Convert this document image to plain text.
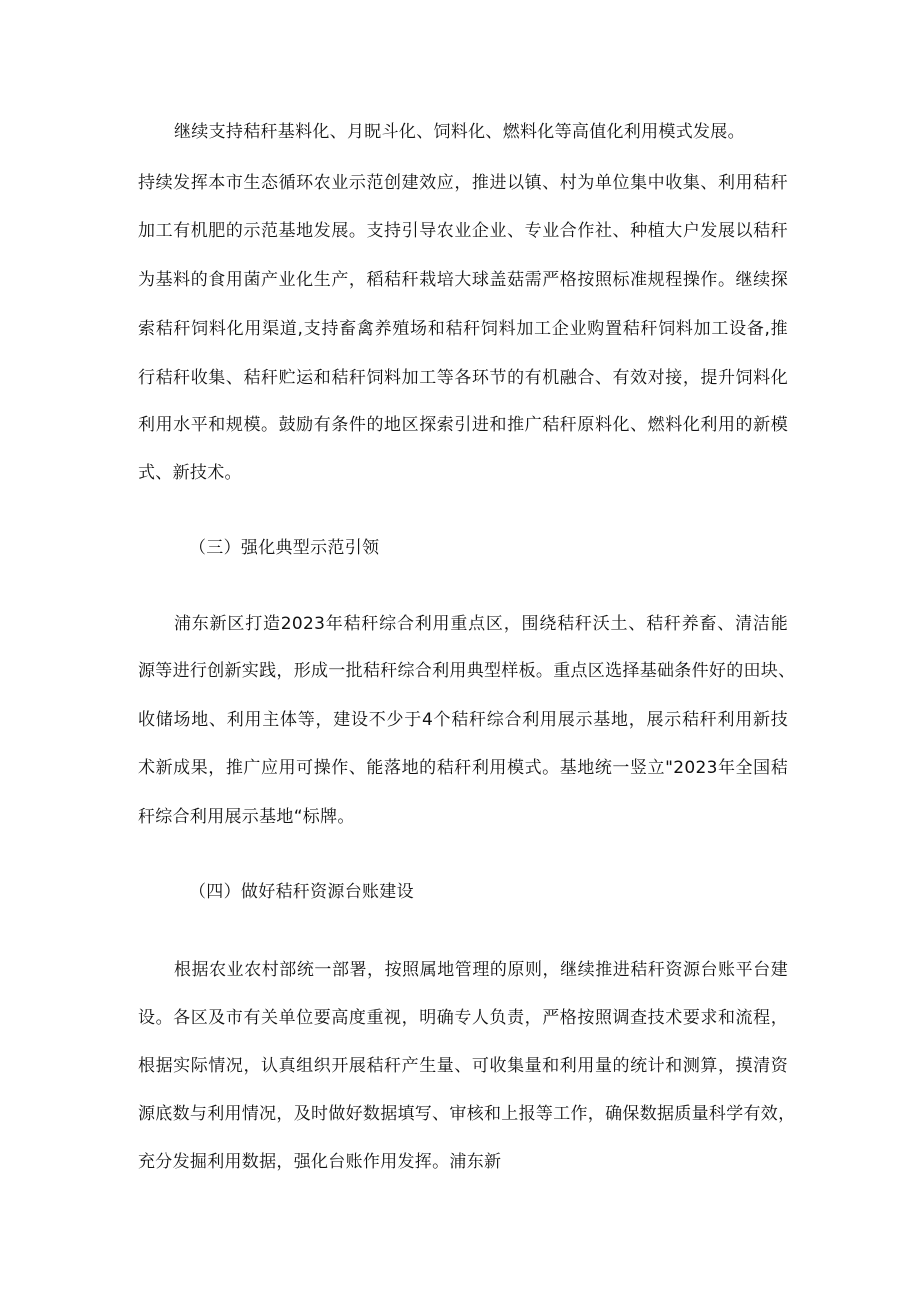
继续支持秸秆基料化、月眖斗化、饲料化、燃料化等高值化利用模式发展。
持续发挥本市生态循环农业示范创建效应，推进以镇、村为单位集中收集、利用秸秆
加工有机肥的示范基地发展。支持引导农业企业、专业合作社、种植大户发展以秸秆
为基料的食用菌产业化生产，稻秸秆栽培大球盖菇需严格按照标准规程操作。继续探
索秸秆饲料化用渠道,支持畜禽养殖场和秸秆饲料加工企业购置秸秆饲料加工设备,推
行秸秆收集、秸秆贮运和秸秆饲料加工等各环节的有机融合、有效对接，提升饲料化
利用水平和规模。鼓励有条件的地区探索引进和推广秸秆原料化、燃料化利用的新模
式、新技术。
（三）强化典型示范引领
浦东新区打造2023年秸秆综合利用重点区，围绕秸秆沃土、秸秆养畜、清洁能
源等进行创新实践，形成一批秸秆综合利用典型样板。重点区选择基础条件好的田块、
收储场地、利用主体等，建设不少于4个秸秆综合利用展示基地，展示秸秆利用新技
术新成果，推广应用可操作、能落地的秸秆利用模式。基地统一竖立"2023年全国秸
秆综合利用展示基地“标牌。
（四）做好秸秆资源台账建设
根据农业农村部统一部署，按照属地管理的原则，继续推进秸秆资源台账平台建
设。各区及市有关单位要高度重视，明确专人负责，严格按照调查技术要求和流程，
根据实际情况，认真组织开展秸秆产生量、可收集量和利用量的统计和测算，摸清资
源底数与利用情况，及时做好数据填写、审核和上报等工作，确保数据质量科学有效，
充分发掘利用数据，强化台账作用发挥。浦东新
